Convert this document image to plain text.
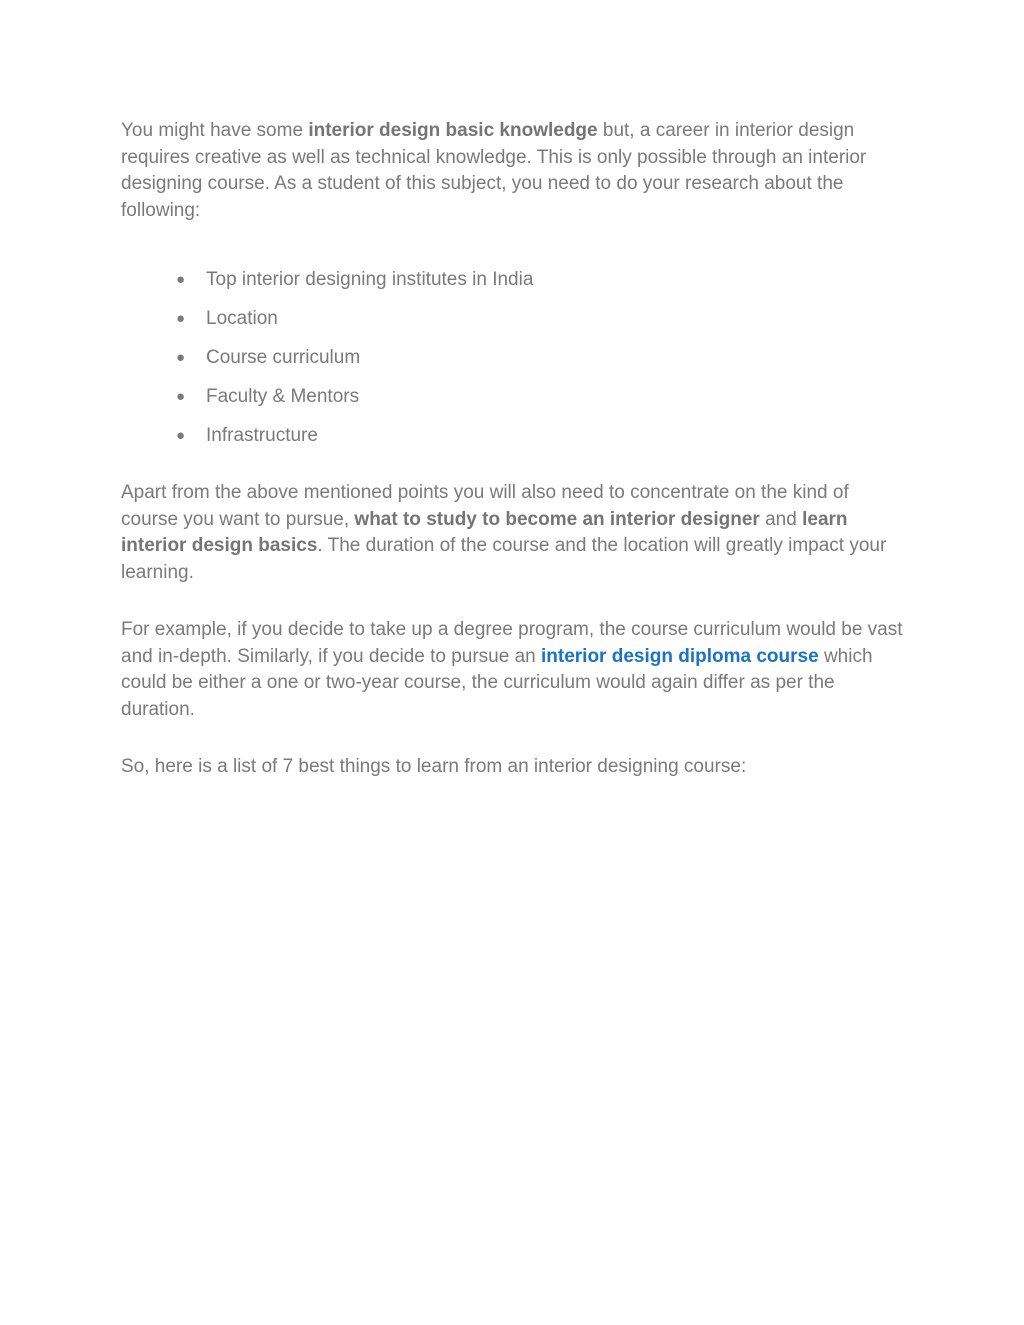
You might have some interior design basic knowledge but, a career in interior design requires creative as well as technical knowledge. This is only possible through an interior designing course. As a student of this subject, you need to do your research about the following:

● Top interior designing institutes in India
● Location
● Course curriculum
● Faculty & Mentors
● Infrastructure

Apart from the above mentioned points you will also need to concentrate on the kind of course you want to pursue, what to study to become an interior designer and learn interior design basics. The duration of the course and the location will greatly impact your learning.

For example, if you decide to take up a degree program, the course curriculum would be vast and in-depth. Similarly, if you decide to pursue an interior design diploma course which could be either a one or two-year course, the curriculum would again differ as per the duration.

So, here is a list of 7 best things to learn from an interior designing course:
